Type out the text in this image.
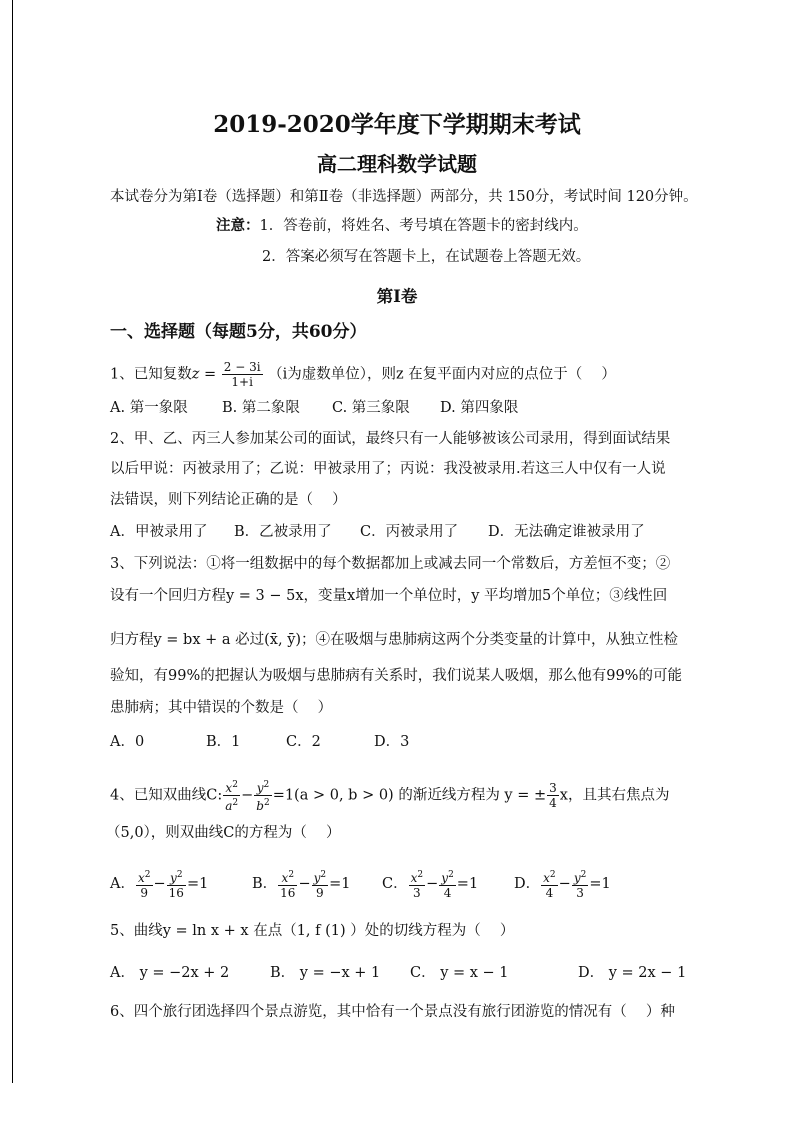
2019-2020学年度下学期期末考试
高二理科数学试题
本试卷分为第Ⅰ卷（选择题）和第Ⅱ卷（非选择题）两部分，共 150分，考试时间 120分钟。
注意：1．答卷前，将姓名、考号填在答题卡的密封线内。
2．答案必须写在答题卡上，在试题卷上答题无效。
第Ⅰ卷
一、选择题（每题5分，共60分）
1、已知复数$z = \frac{2 - 3i}{1+i} (i$为虚数单位），则z 在复平面内对应的点位于（　 ）
A. 第一象限 B. 第二象限 C. 第三象限 D. 第四象限
2、甲、乙、丙三人参加某公司的面试，最终只有一人能够被该公司录用，得到面试结果
以后甲说：丙被录用了；乙说：甲被录用了；丙说：我没被录用.若这三人中仅有一人说
法错误，则下列结论正确的是（　 ）
A．甲被录用了 B．乙被录用了 C．丙被录用了 D．无法确定谁被录用了
3、下列说法：①将一组数据中的每个数据都加上或减去同一个常数后，方差恒不变；②
设有一个回归方程y = 3 − 5x，变量x增加一个单位时，y 平均增加5个单位；③线性回
归方程y = bx + a 必过(x̄, ȳ)；④在吸烟与患肺病这两个分类变量的计算中，从独立性检
验知，有99%的把握认为吸烟与患肺病有关系时，我们说某人吸烟，那么他有99%的可能
患肺病；其中错误的个数是（　 ）
A．0	B．1	C．2	D．3
4、已知双曲线C: $\frac{x^2}{a^2} - \frac{y^2}{b^2} =1(a > 0$, b > 0) 的渐近线方程为 y = ± $\frac{3}{4}$ x，且其右焦点为
（5,0），则双曲线C的方程为（　 ）
A． $\frac{x^2}{9} - \frac{y^2}{16} =1$	B． $\frac{x^2}{16} - \frac{y^2}{9} =1$ C． $\frac{x^2}{3} - \frac{y^2}{4} =1$ D． $\frac{x^2}{4} - \frac{y^2}{3} =1$
5、曲线y = ln x + x 在点（1, f (1) ）处的切线方程为（　 ）
A． y = −2x + 2	B． y = −x + 1 C． y = x − 1	D． y = 2x − 1
6、四个旅行团选择四个景点游览，其中恰有一个景点没有旅行团游览的情况有（　 ）种
